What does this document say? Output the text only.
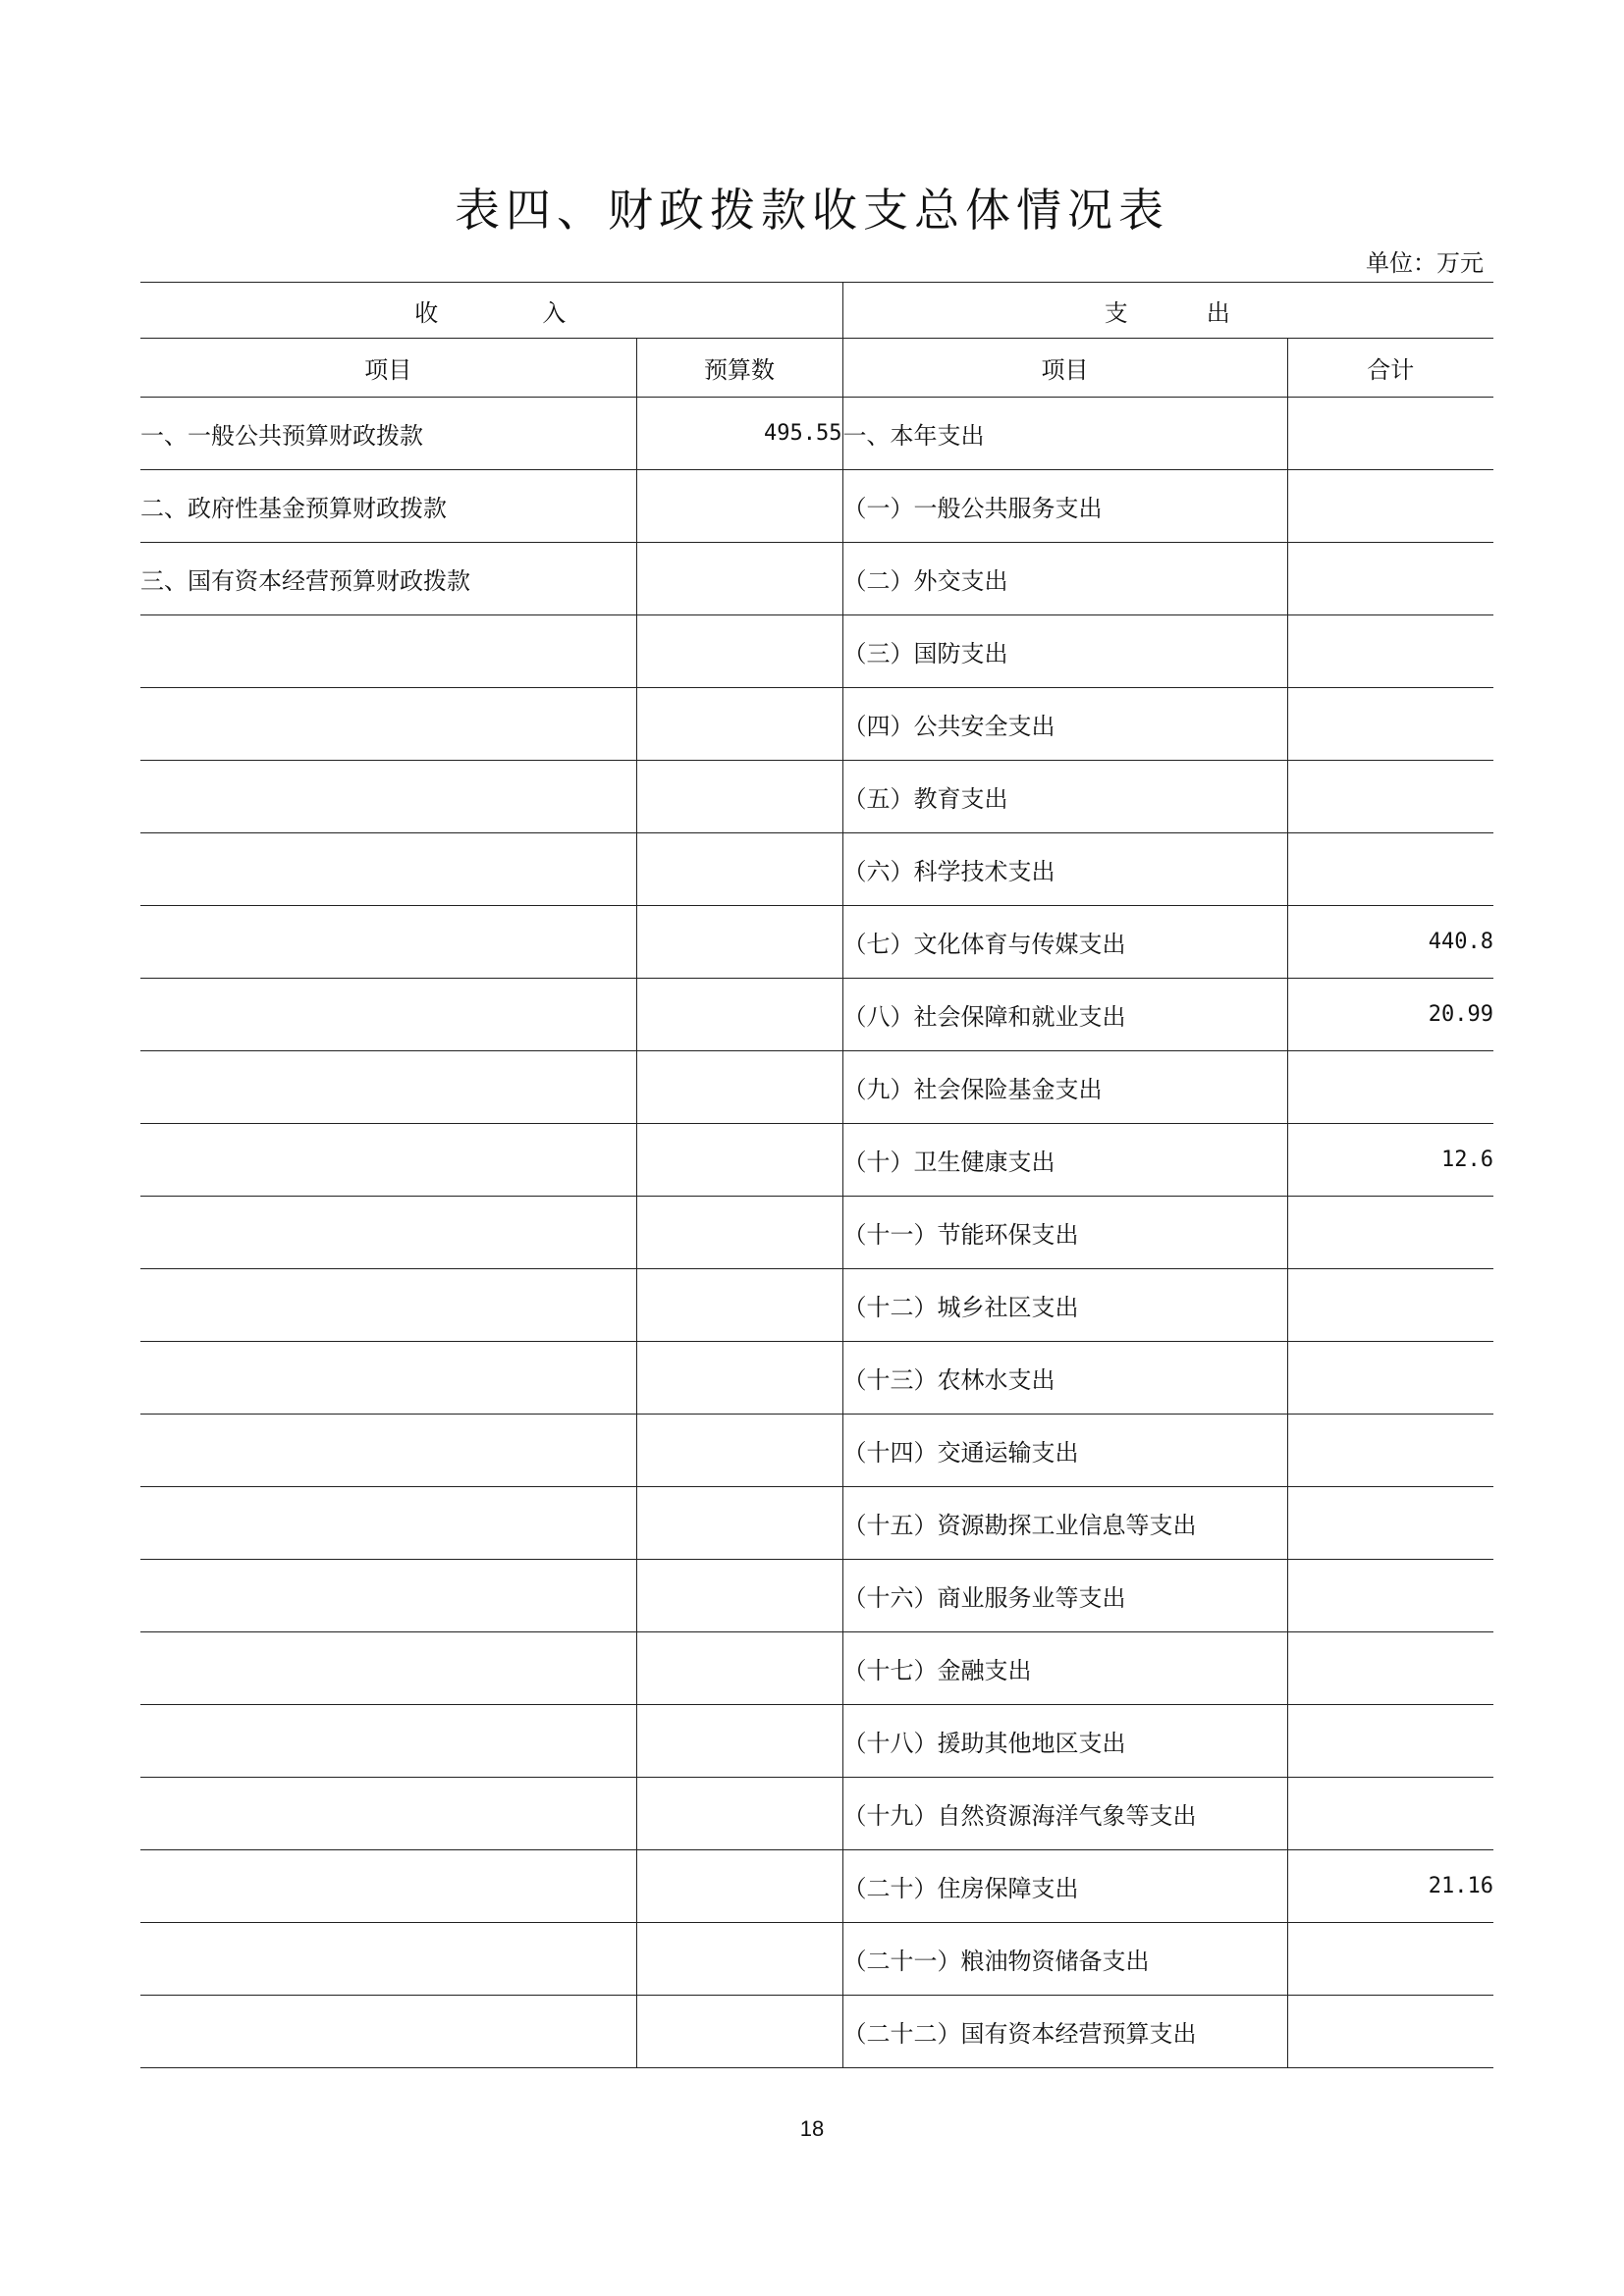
表四、财政拨款收支总体情况表
单位：万元
收　　　　入		支　　　出	
项目	预算数	项目	合计
一、一般公共预算财政拨款	495.55	一、本年支出	
二、政府性基金预算财政拨款		（一）一般公共服务支出	
三、国有资本经营预算财政拨款		（二）外交支出	
		（三）国防支出	
		（四）公共安全支出	
		（五）教育支出	
		（六）科学技术支出	
		（七）文化体育与传媒支出	440.8
		（八）社会保障和就业支出	20.99
		（九）社会保险基金支出	
		（十）卫生健康支出	12.6
		（十一）节能环保支出	
		（十二）城乡社区支出	
		（十三）农林水支出	
		（十四）交通运输支出	
		（十五）资源勘探工业信息等支出	
		（十六）商业服务业等支出	
		（十七）金融支出	
		（十八）援助其他地区支出	
		（十九）自然资源海洋气象等支出	
		（二十）住房保障支出	21.16
		（二十一）粮油物资储备支出	
		（二十二）国有资本经营预算支出	
18
